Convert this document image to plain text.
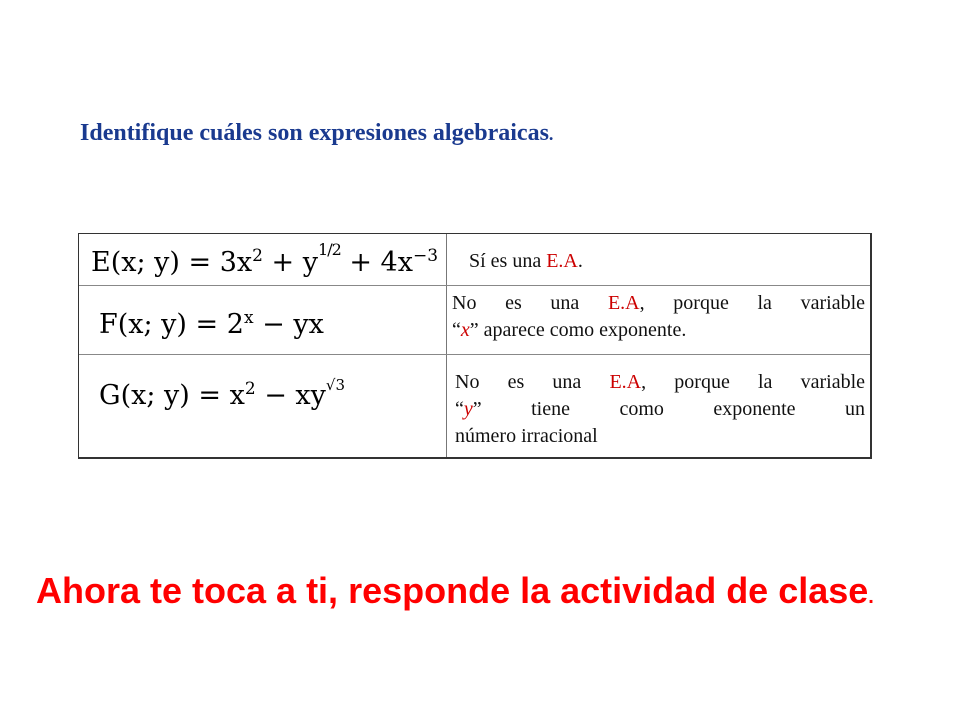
Identifique cuáles son expresiones algebraicas.
E(x; $y) = 3x^2 + y1/2 + 4x^{-3}$ Sí es una E.A.
F(x; $y) = 2^x$ − yx
No es una E.A, porque la variable
“x” aparece como exponente.
G(x; $y) = x^2 - xy√3$	No es una E.A, porque la variable
“y” tiene como exponente un
número irracional
Ahora te toca a ti, responde la actividad de clase.
